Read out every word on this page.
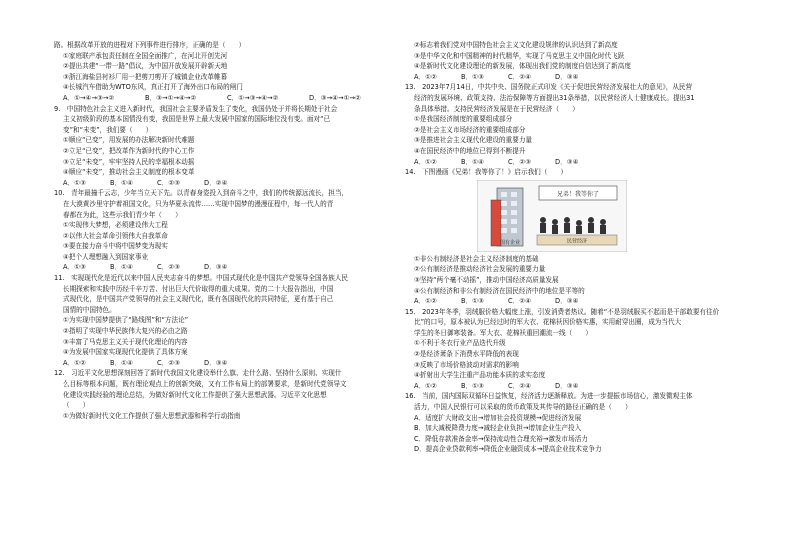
路。根据改革开放的进程对下列事件进行排序，正确的是（　　）
①家庭联产承包责任制在全国全面推广，在河北开创先河
②提出共建“一带一路”倡议，为中国开放发展开辟新天地
③浙江海盐县衬衫厂用一把剪刀剪开了城镇企业改革帷幕
④长城汽车借助为WTO东风，真正打开了海外出口布局的闸门
A．①→④→③→②	B．③→①→④→②	C．①→③→④→②	D．③→④→①→②
9.　中国特色社会主义进入新时代，我国社会主要矛盾发生了变化，我国仍处于并将长期处于社会
主义初级阶段的基本国情没有变，我国是世界上最大发展中国家的国际地位没有变。面对“已
变”和“未变”，我们要（　　）
①顺应“已变”，用发展的办法解决新时代难题
②立足“已变”，把改革作为新时代的中心工作
③立足“未变”，牢牢坚持人民的幸福根本动摇
④顺应“未变”，推动社会主义制度的根本变革
A．①③	B．①④	C．②③	D．②④
10.　青年最撞千云志，少年当立天下先。以青春身姿投入到奋斗之中，我们的传统源远流长，担当，
在大漠黄沙里守护着祖国文化，只为华夏永流传……实现中国梦的漫漫征程中，每一代人的青
春都在为此，这些示我们青少年（　　）
①实现伟大梦想，必须建设伟大工程
②以伟大社会革命引领伟大自我革命
③要在接力奋斗中将中国梦变为现实
④把个人理想融入到国家事业
A．①③	B．①④	C．②③	D．③④
11.　实现现代化是近代以来中国人民夹志奋斗的梦想。中国式现代化是中国共产党领导全国各族人民
长期探索和实践中历经千辛万苦、付出巨大代价取得的重大成果。党的二十大报告指出，中国
式现代化，是中国共产党领导的社会主义现代化，既有各国现代化的共同特征，更有基于自己
国情的中国特色。
①为实现中国梦提供了“路线图”和“方法论”
②指明了实现中华民族伟大复兴的必由之路
③丰富了马克思主义关于现代化理论的内容
④为发展中国家实现现代化提供了具体方案
A．①②	B．①④	C．②③	D．③④
12.　习近平文化思想深刻回答了新时代我国文化建设举什么旗、走什么路、坚持什么原则、实现什
么目标等根本问题，既有理论观点上的创新突破，又有工作布局上的部署要求，是新时代党领导文
化建设实践经验的理论总结，为做好新时代文化工作提供了强大思想武器。习近平文化思想
（　　）
①为做好新时代文化工作提供了强大思想武器和科学行动指南
②标志着我们党对中国特色社会主义文化建设规律的认识达到了新高度
③是中华文化和中国精神的时代精华，实现了马克思主义中国化时代飞跃
④是新时代文化建设理论的新发展，体现出我们党的制度自信达到了新高度
A．①②	B．①③	C．②④	D．③④
13.　2023年7月14日，中共中央、国务院正式印发《关于促进民营经济发展壮大的意见》，从民营
经济的发展环境、政策支持、法治保障等方面提出31条举措，以民营经济人士健康成长。提出31
条具体举措。支持民营经济发展是在于民营经济（　　）
①是我国经济制度的重要组成部分
②是社会主义市场经济的重要组成部分
③是推进社会主义现代化建设的重要力量
④在国民经济中的地位已得到不断提升
A．①②	B．①④	C．②③	D．③④
14.　下图漫画《兄弟！我等你了！》启示我们（　　）
国有企业
兄弟！我等你了
民营经济
①非公有制经济是社会主义经济制度的基础
②公有制经济是推动经济社会发展的重要力量
③坚持“两个毫不动摇”，推动中国经济高质量发展
④公有制经济和非公有制经济在国民经济中的地位是平等的
A．①②	B．①③	C．②④	D．③④
15.　2023年冬季，羽绒服价格大幅度上涨，引发消费者热议。随着“不是羽绒服买不起而是干部敢要有往价
比”的口号，原本被认为已经过时的军大衣、花棉袄因价格实惠，实用耐穿出圈，成为当代大
学生的冬日御寒装备。军大衣、花棉袄重回潮流一线（　　）
①不利于冬衣行业产品迭代升级
②是经济萧条下消费水平降低的表现
③反映了市场价格波动对需求的影响
④折射出大学生注重产品功能本质的求实态度
A．①②	B．①③	C．②④	D．③④
16.　当前，国内国际双循环日益恢复，经济活力逐渐释放。为进一步提振市场信心，激发微观主体
活力，中国人民银行可以采取的货币政策及其传导的路径正确的是（　　）
A．适度扩大财政支出→增加社会投资规模→促进经济发展
B．加大减税降费力度→减轻企业负担→增加企业生产投入
C．降低存款准备金率→保持流动性合理充裕→激发市场活力
D．提高企业贷款利率→降低企业融资成本→提高企业技术竞争力
